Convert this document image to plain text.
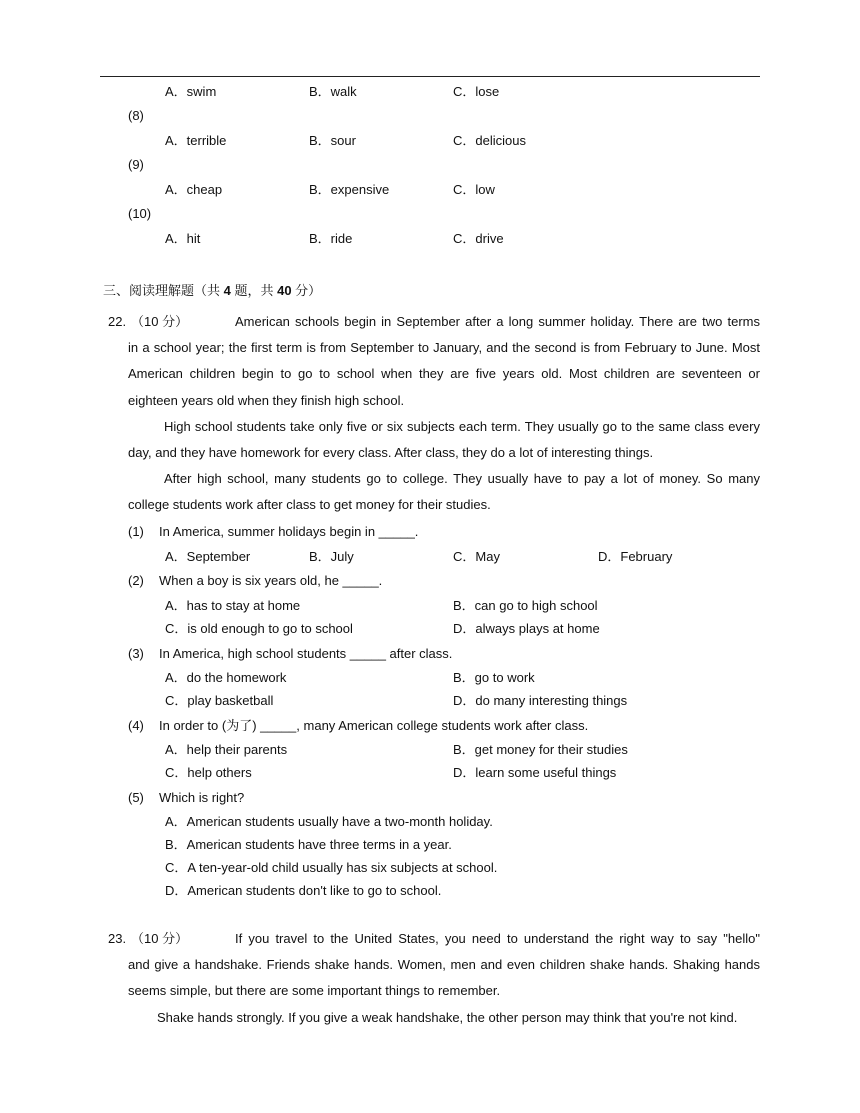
A．swim	B．walk	C．lose
(8)
A．terrible	B．sour	C．delicious
(9)
A．cheap	B．expensive	C．low
(10)
A．hit	B．ride	C．drive
三、阅读理解题（共 4 题，共 40 分）
22. （10 分）	American schools begin in September after a long summer holiday. There are two terms
in a school year; the first term is from September to January, and the second is from February to June. Most American children begin to go to school when they are five years old. Most children are seventeen or eighteen years old when they finish high school.
High school students take only five or six subjects each term. They usually go to the same class every day, and they have homework for every class. After class, they do a lot of interesting things.
After high school, many students go to college. They usually have to pay a lot of money. So many college students work after class to get money for their studies.
(1) In America, summer holidays begin in _____.
A．September	B．July	C．May	D．February
(2) When a boy is six years old, he _____.
A．has to stay at home	B．can go to high school
C．is old enough to go to school	D．always plays at home
(3) In America, high school students _____ after class.
A．do the homework	B．go to work
C．play basketball	D．do many interesting things
(4) In order to (为了) _____, many American college students work after class.
A．help their parents	B．get money for their studies
C．help others	D．learn some useful things
(5) Which is right?
A．American students usually have a two-month holiday.
B．American students have three terms in a year.
C．A ten-year-old child usually has six subjects at school.
D．American students don't like to go to school.
23. （10 分）	If you travel to the United States, you need to understand the right way to say "hello"
and give a handshake. Friends shake hands. Women, men and even children shake hands. Shaking hands seems simple, but there are some important things to remember.
Shake hands strongly. If you give a weak handshake, the other person may think that you're not kind.
